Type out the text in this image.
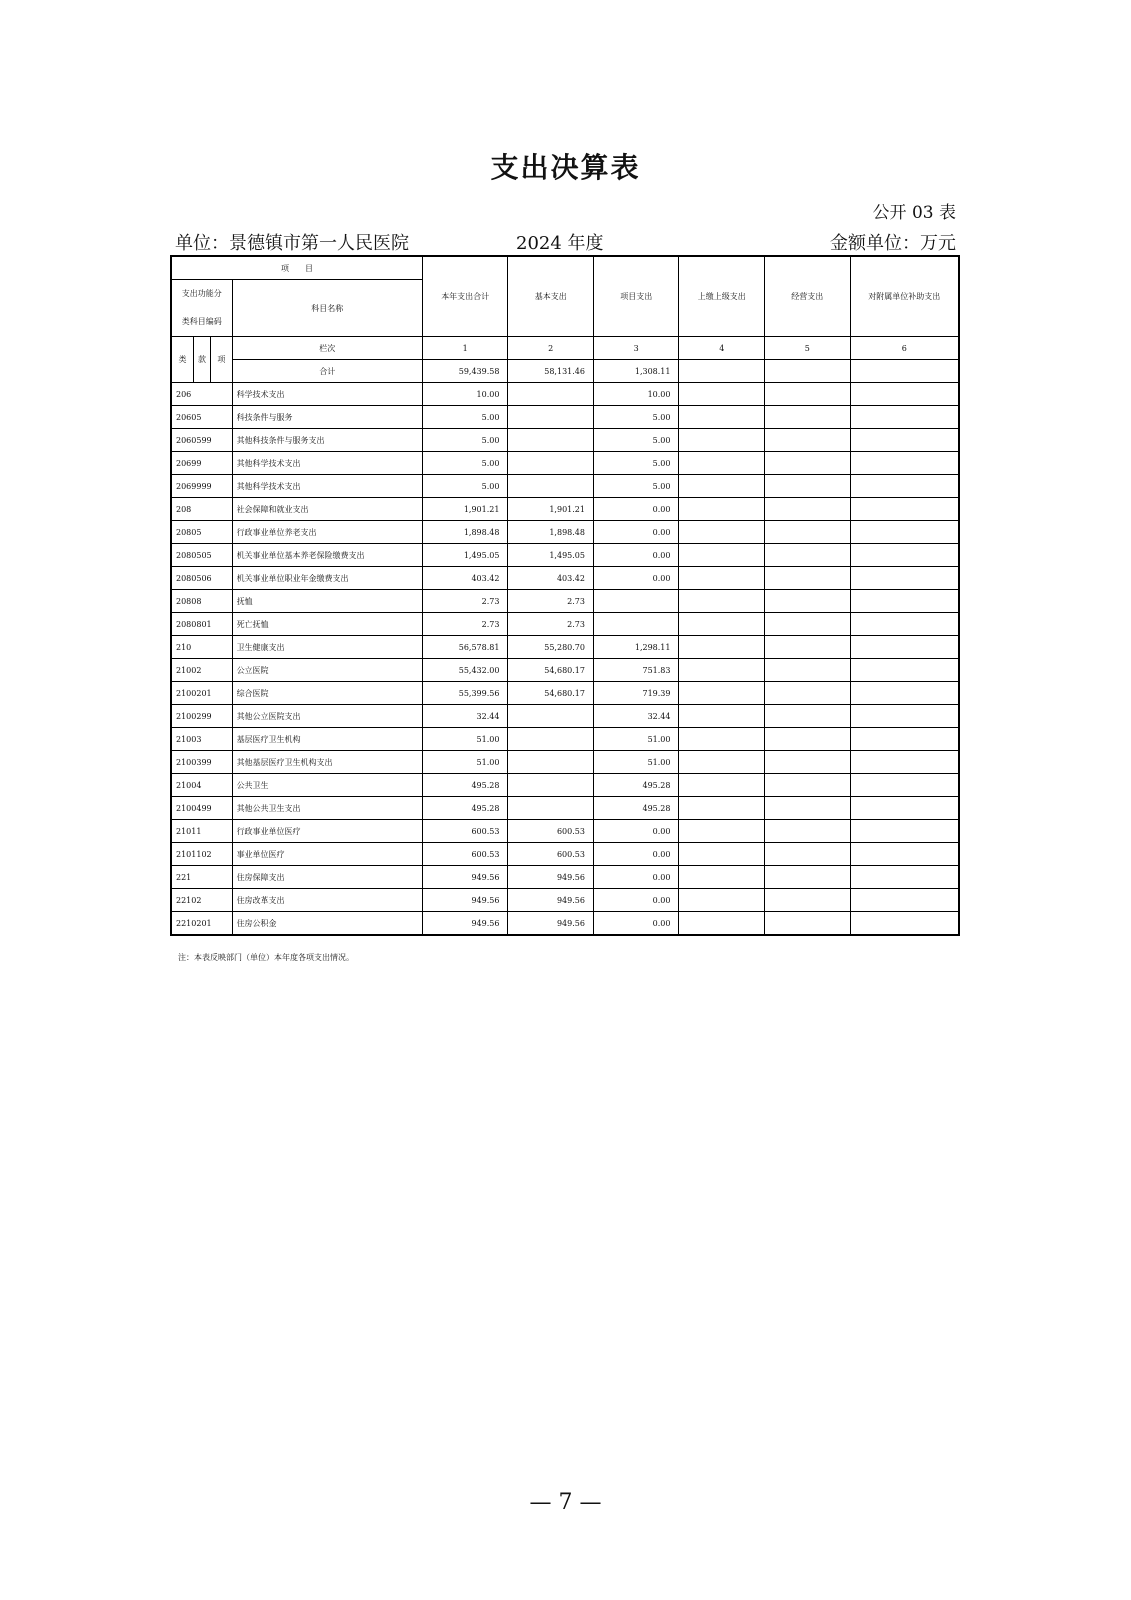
支出决算表
公开 03 表
单位：景德镇市第一人民医院	2024 年度	金额单位：万元
项　　目				本年支出合计	基本支出	项目支出	上缴上级支出	经营支出	对附属单位补助支出

支出功能分
类科目编码			科目名称						
类	款	项	栏次	1	2	3	4	5	6
			合计	59,439.58	58,131.46	1,308.11			
206			科学技术支出	10.00		10.00			
20605			科技条件与服务	5.00		5.00			
2060599			其他科技条件与服务支出	5.00		5.00			
20699			其他科学技术支出	5.00		5.00			
2069999			其他科学技术支出	5.00		5.00			
208			社会保障和就业支出	1,901.21	1,901.21	0.00			
20805			行政事业单位养老支出	1,898.48	1,898.48	0.00			
2080505			机关事业单位基本养老保险缴费支出	1,495.05	1,495.05	0.00			
2080506			机关事业单位职业年金缴费支出	403.42	403.42	0.00			
20808			抚恤	2.73	2.73				
2080801			死亡抚恤	2.73	2.73				
210			卫生健康支出	56,578.81	55,280.70	1,298.11			
21002			公立医院	55,432.00	54,680.17	751.83			
2100201			综合医院	55,399.56	54,680.17	719.39			
2100299			其他公立医院支出	32.44		32.44			
21003			基层医疗卫生机构	51.00		51.00			
2100399			其他基层医疗卫生机构支出	51.00		51.00			
21004			公共卫生	495.28		495.28			
2100499			其他公共卫生支出	495.28		495.28			
21011			行政事业单位医疗	600.53	600.53	0.00			
2101102			事业单位医疗	600.53	600.53	0.00			
221			住房保障支出	949.56	949.56	0.00			
22102			住房改革支出	949.56	949.56	0.00			
2210201			住房公积金	949.56	949.56	0.00			
注：本表反映部门（单位）本年度各项支出情况。
— 7 —
